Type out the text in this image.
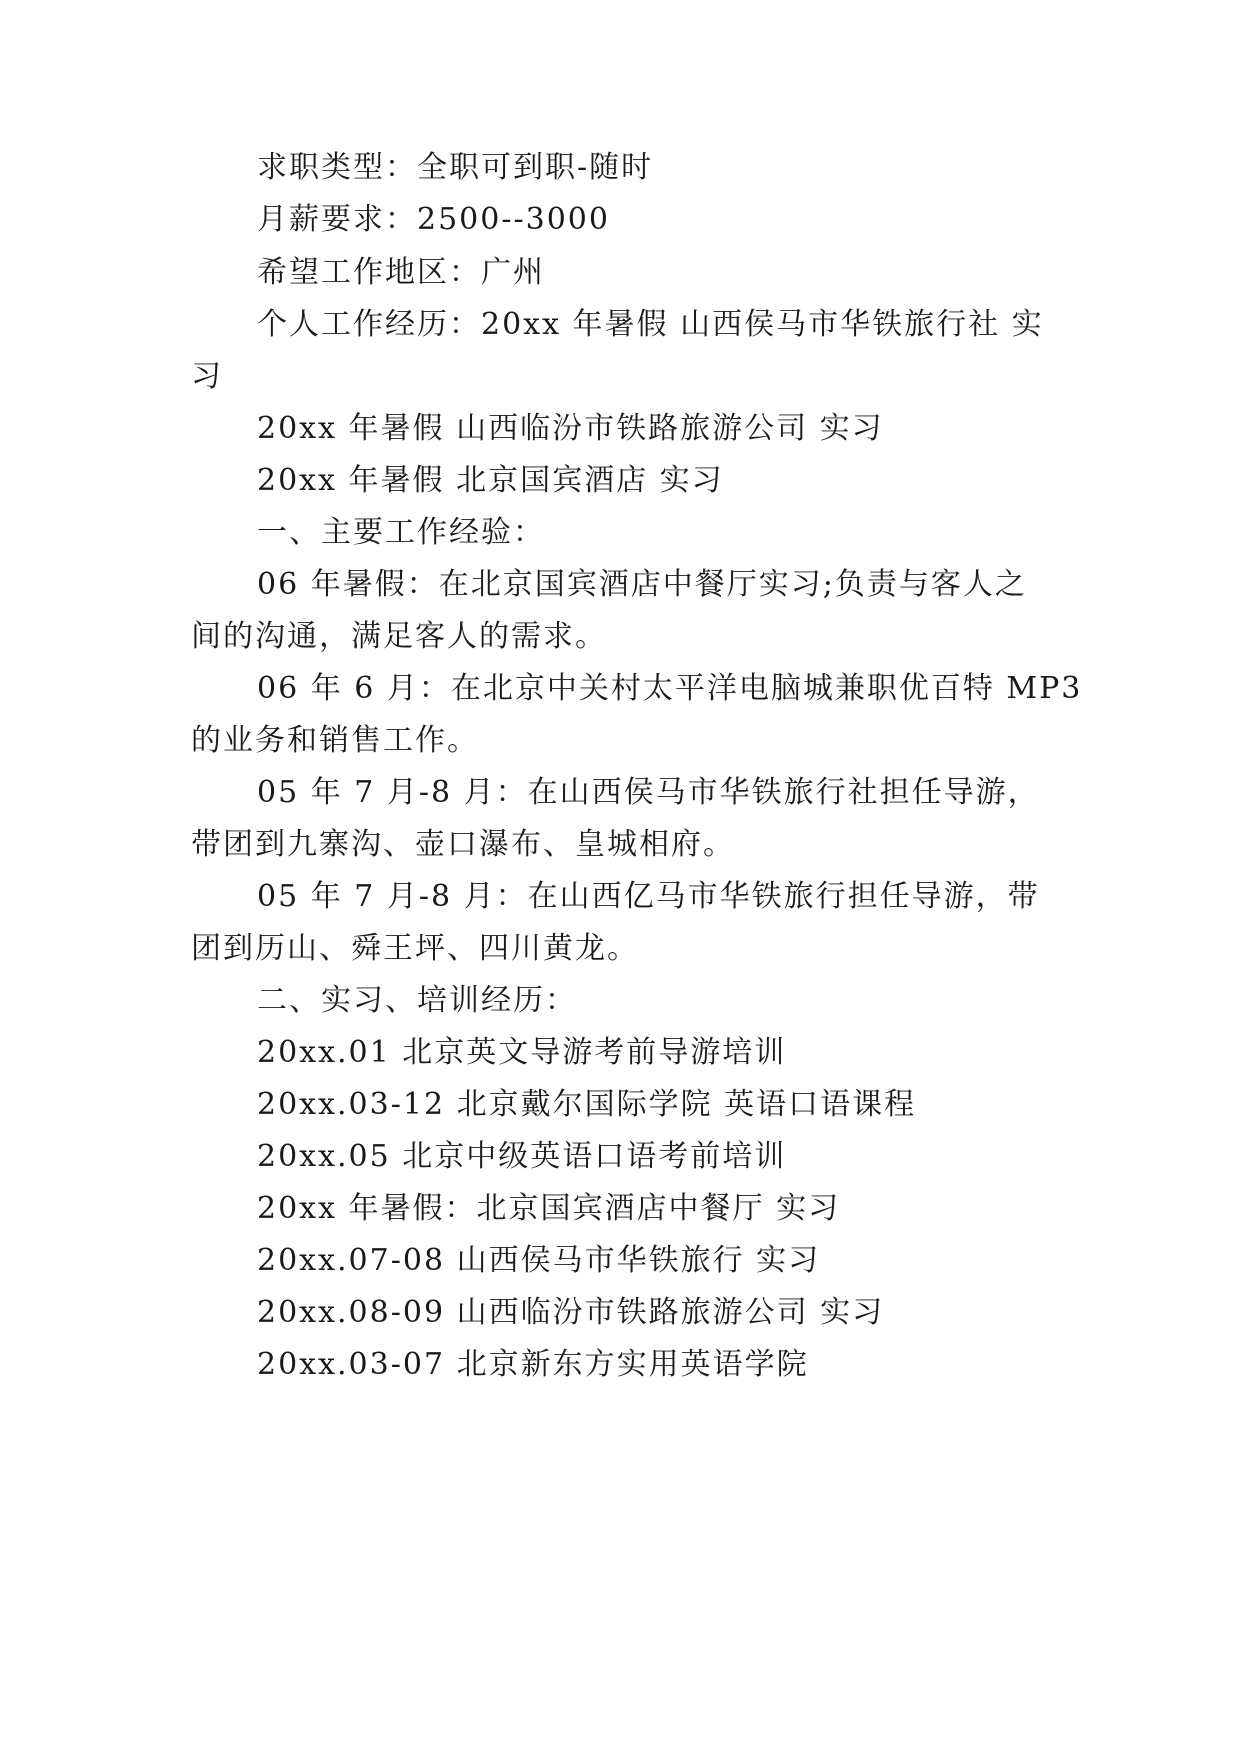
求职类型：全职可到职-随时
月薪要求：2500--3000
希望工作地区：广州
个人工作经历：20xx 年暑假 山西侯马市华铁旅行社 实
习
20xx 年暑假 山西临汾市铁路旅游公司 实习
20xx 年暑假 北京国宾酒店 实习
一、主要工作经验：
06 年暑假：在北京国宾酒店中餐厅实习;负责与客人之
间的沟通，满足客人的需求。
06 年 6 月：在北京中关村太平洋电脑城兼职优百特 MP3
的业务和销售工作。
05 年 7 月-8 月：在山西侯马市华铁旅行社担任导游，
带团到九寨沟、壶口瀑布、皇城相府。
05 年 7 月-8 月：在山西亿马市华铁旅行担任导游，带
团到历山、舜王坪、四川黄龙。
二、实习、培训经历：
20xx.01 北京英文导游考前导游培训
20xx.03-12 北京戴尔国际学院 英语口语课程
20xx.05 北京中级英语口语考前培训
20xx 年暑假：北京国宾酒店中餐厅 实习
20xx.07-08 山西侯马市华铁旅行 实习
20xx.08-09 山西临汾市铁路旅游公司 实习
20xx.03-07 北京新东方实用英语学院
